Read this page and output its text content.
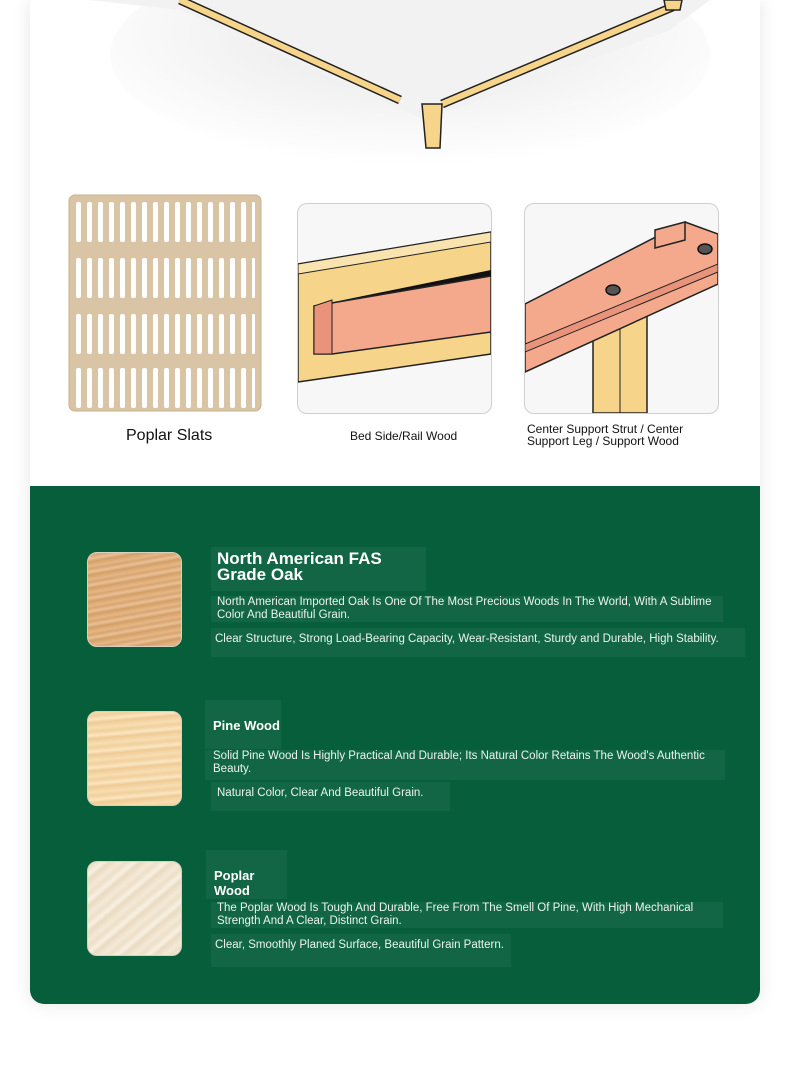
Poplar Slats	Bed Side/Rail Wood	Center Support Strut / Center
Support Leg / Support Wood
North American FAS
Grade Oak
North American Imported Oak Is One Of The Most Precious Woods In The World, With A Sublime Color And Beautiful Grain.
Clear Structure, Strong Load-Bearing Capacity, Wear-Resistant, Sturdy and Durable, High Stability.
Pine Wood
Solid Pine Wood Is Highly Practical And Durable; Its Natural Color Retains The Wood's Authentic Beauty.
Natural Color, Clear And Beautiful Grain.
Poplar Wood
The Poplar Wood Is Tough And Durable, Free From The Smell Of Pine, With High Mechanical Strength And A Clear, Distinct Grain.
Clear, Smoothly Planed Surface, Beautiful Grain Pattern.
